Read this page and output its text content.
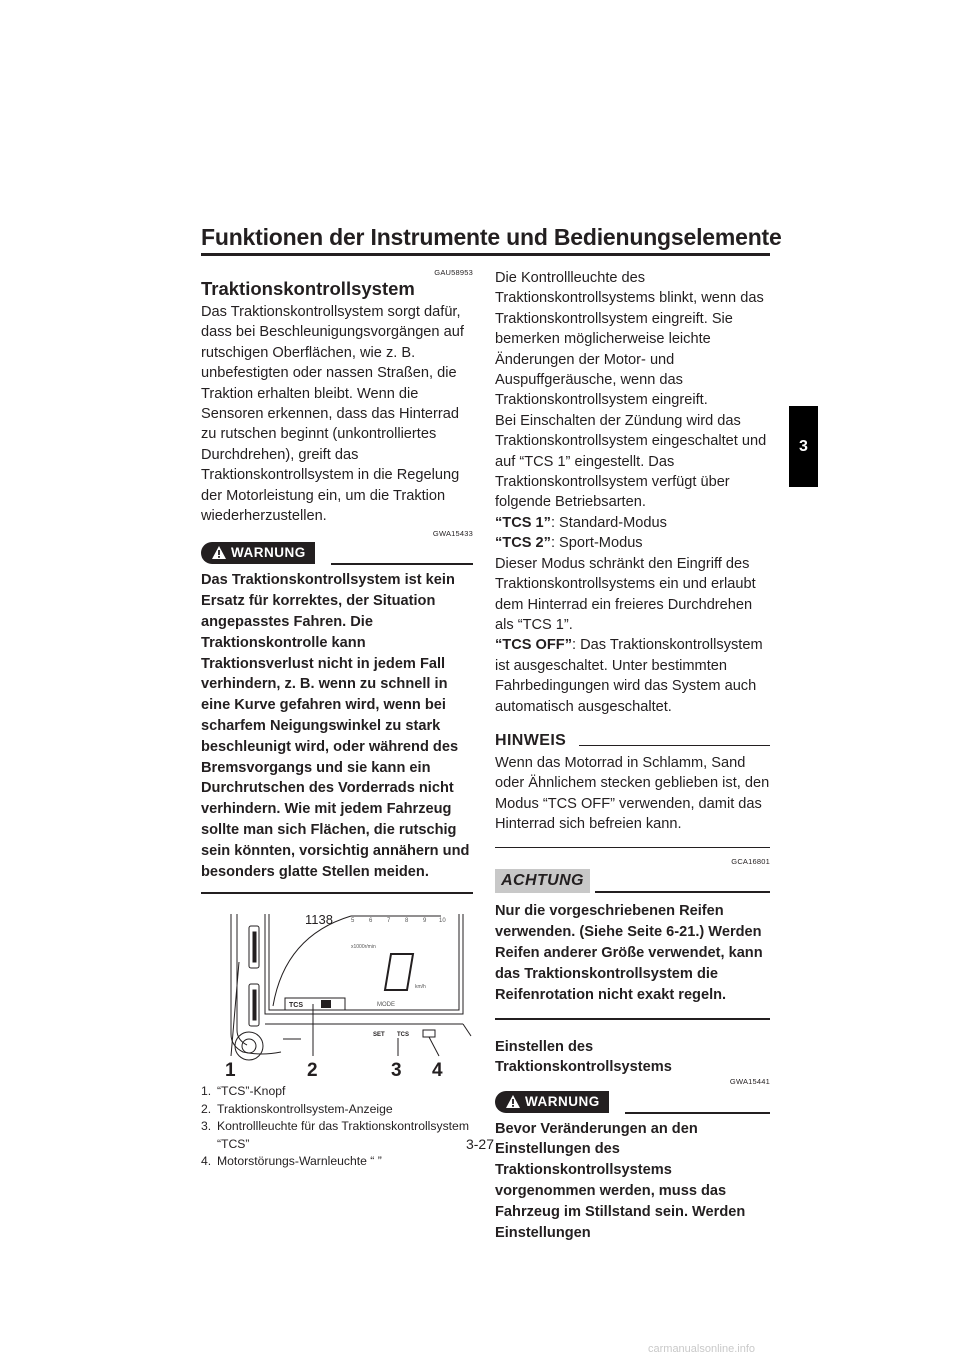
Funktionen der Instrumente und Bedienungselemente
3
GAU58953
Traktionskontrollsystem

Das Traktionskontrollsystem sorgt dafür, dass bei Beschleunigungsvorgängen auf rutschigen Oberflächen, wie z. B. unbefestigten oder nassen Straßen, die Traktion erhalten bleibt. Wenn die Sensoren erkennen, dass das Hinterrad zu rutschen beginnt (unkontrolliertes Durchdrehen), greift das Traktionskontrollsystem in die Regelung der Motorleistung ein, um die Traktion wiederherzustellen.

GWA15433
WARNUNG

Das Traktionskontrollsystem ist kein Ersatz für korrektes, der Situation angepasstes Fahren. Die Traktionskontrolle kann Traktionsverlust nicht in jedem Fall verhindern, z. B. wenn zu schnell in eine Kurve gefahren wird, wenn bei scharfem Neigungswinkel zu stark beschleunigt wird, oder während des Bremsvorgangs und sie kann ein Durchrutschen des Vorderrads nicht verhindern. Wie mit jedem Fahrzeug sollte man sich Flächen, die rutschig sein könnten, vorsichtig annähern und besonders glatte Stellen meiden.

1138	5 6 7 8 9 10
x1000r/min
km/h
TCS	MODE
SET TCS
1	2	3 4
1. “TCS”-Knopf
2. Traktionskontrollsystem-Anzeige
3. Kontrollleuchte für das Traktionskontrollsystem “TCS”
4. Motorstörungs-Warnleuchte “ ”

Die Kontrollleuchte des Traktionskontrollsystems blinkt, wenn das Traktionskontrollsystem eingreift. Sie bemerken möglicherweise leichte Änderungen der Motor- und Auspuffgeräusche, wenn das Traktionskontrollsystem eingreift.

Bei Einschalten der Zündung wird das Traktionskontrollsystem eingeschaltet und auf “TCS 1” eingestellt. Das Traktionskontrollsystem verfügt über folgende Betriebsarten.

“TCS 1”: Standard-Modus

“TCS 2”: Sport-Modus

Dieser Modus schränkt den Eingriff des Traktionskontrollsystems ein und erlaubt dem Hinterrad ein freieres Durchdrehen als “TCS 1”.

“TCS OFF”: Das Traktionskontrollsystem ist ausgeschaltet. Unter bestimmten Fahrbedingungen wird das System auch automatisch ausgeschaltet.

HINWEIS

Wenn das Motorrad in Schlamm, Sand oder Ähnlichem stecken geblieben ist, den Modus “TCS OFF” verwenden, damit das Hinterrad sich befreien kann.

GCA16801
ACHTUNG

Nur die vorgeschriebenen Reifen verwenden. (Siehe Seite 6-21.) Werden Reifen anderer Größe verwendet, kann das Traktionskontrollsystem die Reifenrotation nicht exakt regeln.

Einstellen des Traktionskontrollsystems
GWA15441
WARNUNG

Bevor Veränderungen an den Einstellungen des Traktionskontrollsystems vorgenommen werden, muss das Fahrzeug im Stillstand sein. Werden Einstellungen

3-27
carmanualsonline.info
